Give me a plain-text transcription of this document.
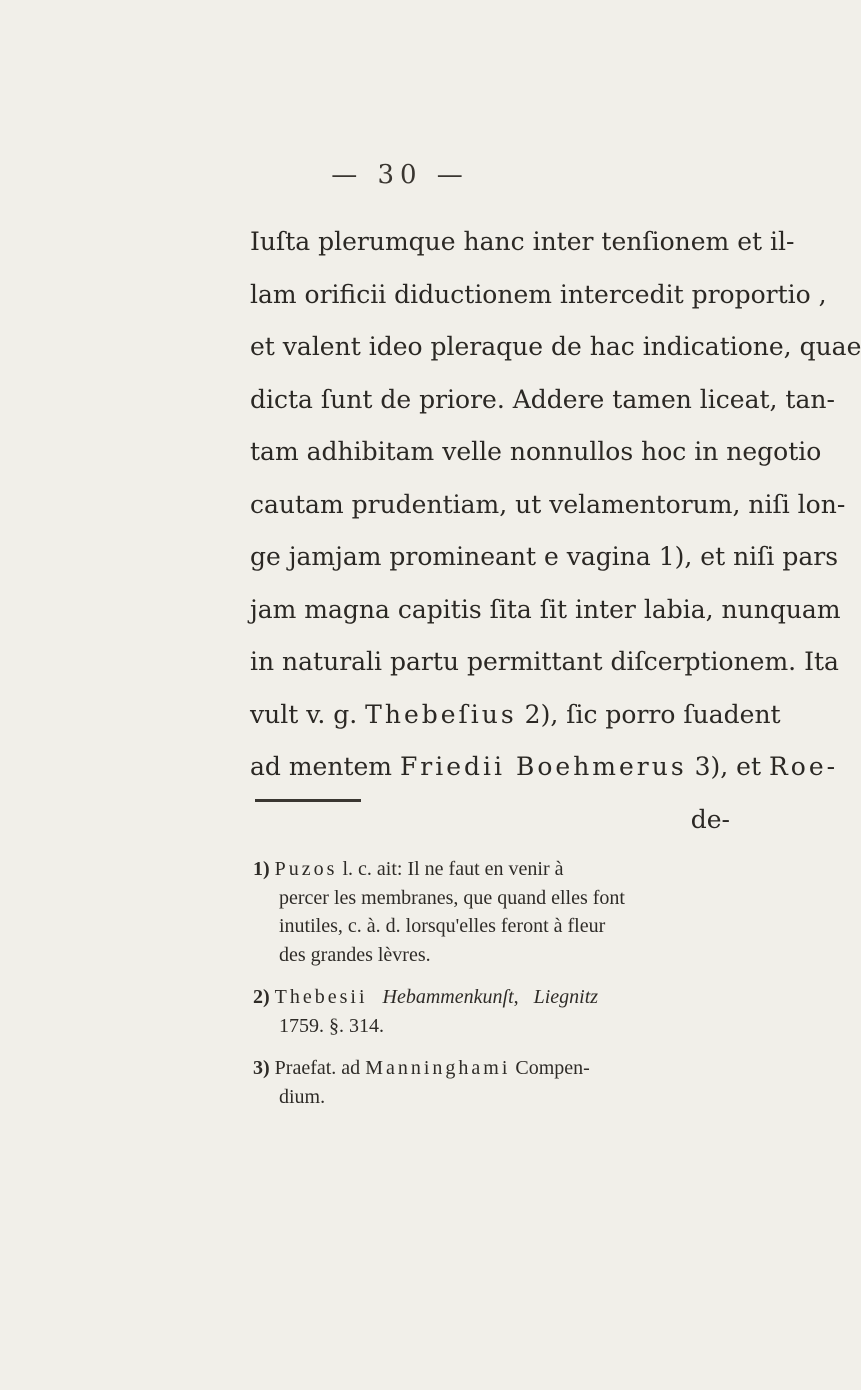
— 30 —
Iuſta plerumque hanc inter tenſionem et il-
lam orificii diductionem intercedit proportio ,
et valent ideo pleraque de hac indicatione, quae
dicta ſunt de priore. Addere tamen liceat, tan-
tam adhibitam velle nonnullos hoc in negotio
cautam prudentiam, ut velamentorum, niſi lon-
ge jamjam promineant e vagina 1), et niſi pars
jam magna capitis ſita ſit inter labia, nunquam
in naturali partu permittant diſcerptionem. Ita
vult v. g. Thebeſius 2), ſic porro ſuadent
ad mentem Friedii Boehmerus 3), et Roe-
de-
1) Puzos l. c. ait: Il ne faut en venir à
percer les membranes, que quand elles font
inutiles, c. à. d. lorsqu'elles feront à fleur
des grandes lèvres.
2) Thebesii Hebammenkunſt,   Liegnitz
1759. §. 314.
3) Praefat. ad Manninghami Compen-
dium.
